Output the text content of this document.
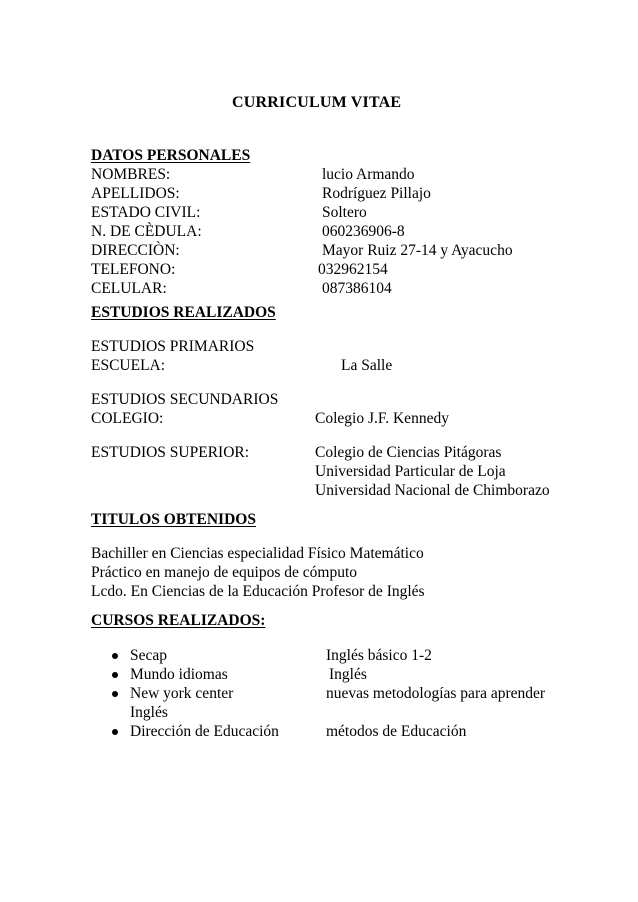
CURRICULUM VITAE
DATOS PERSONALES
NOMBRES:	lucio Armando
APELLIDOS:	Rodríguez Pillajo
ESTADO CIVIL:	Soltero
N. DE CÈDULA:	060236906-8
DIRECCIÒN:	Mayor Ruiz 27-14 y Ayacucho
TELEFONO:	032962154
CELULAR:	087386104
ESTUDIOS REALIZADOS
ESTUDIOS PRIMARIOS
ESCUELA:	La Salle
ESTUDIOS SECUNDARIOS
COLEGIO:	Colegio J.F. Kennedy
ESTUDIOS SUPERIOR:	Colegio de Ciencias Pitágoras
Universidad Particular de Loja
Universidad Nacional de Chimborazo
TITULOS OBTENIDOS
Bachiller en Ciencias especialidad Físico Matemático
Práctico en manejo de equipos de cómputo
Lcdo. En Ciencias de la Educación Profesor de Inglés
CURSOS REALIZADOS:
Secap	Inglés básico 1-2
Mundo idiomas	Inglés
New york center	nuevas metodologías para aprender
Inglés
Dirección de Educación	métodos de Educación
